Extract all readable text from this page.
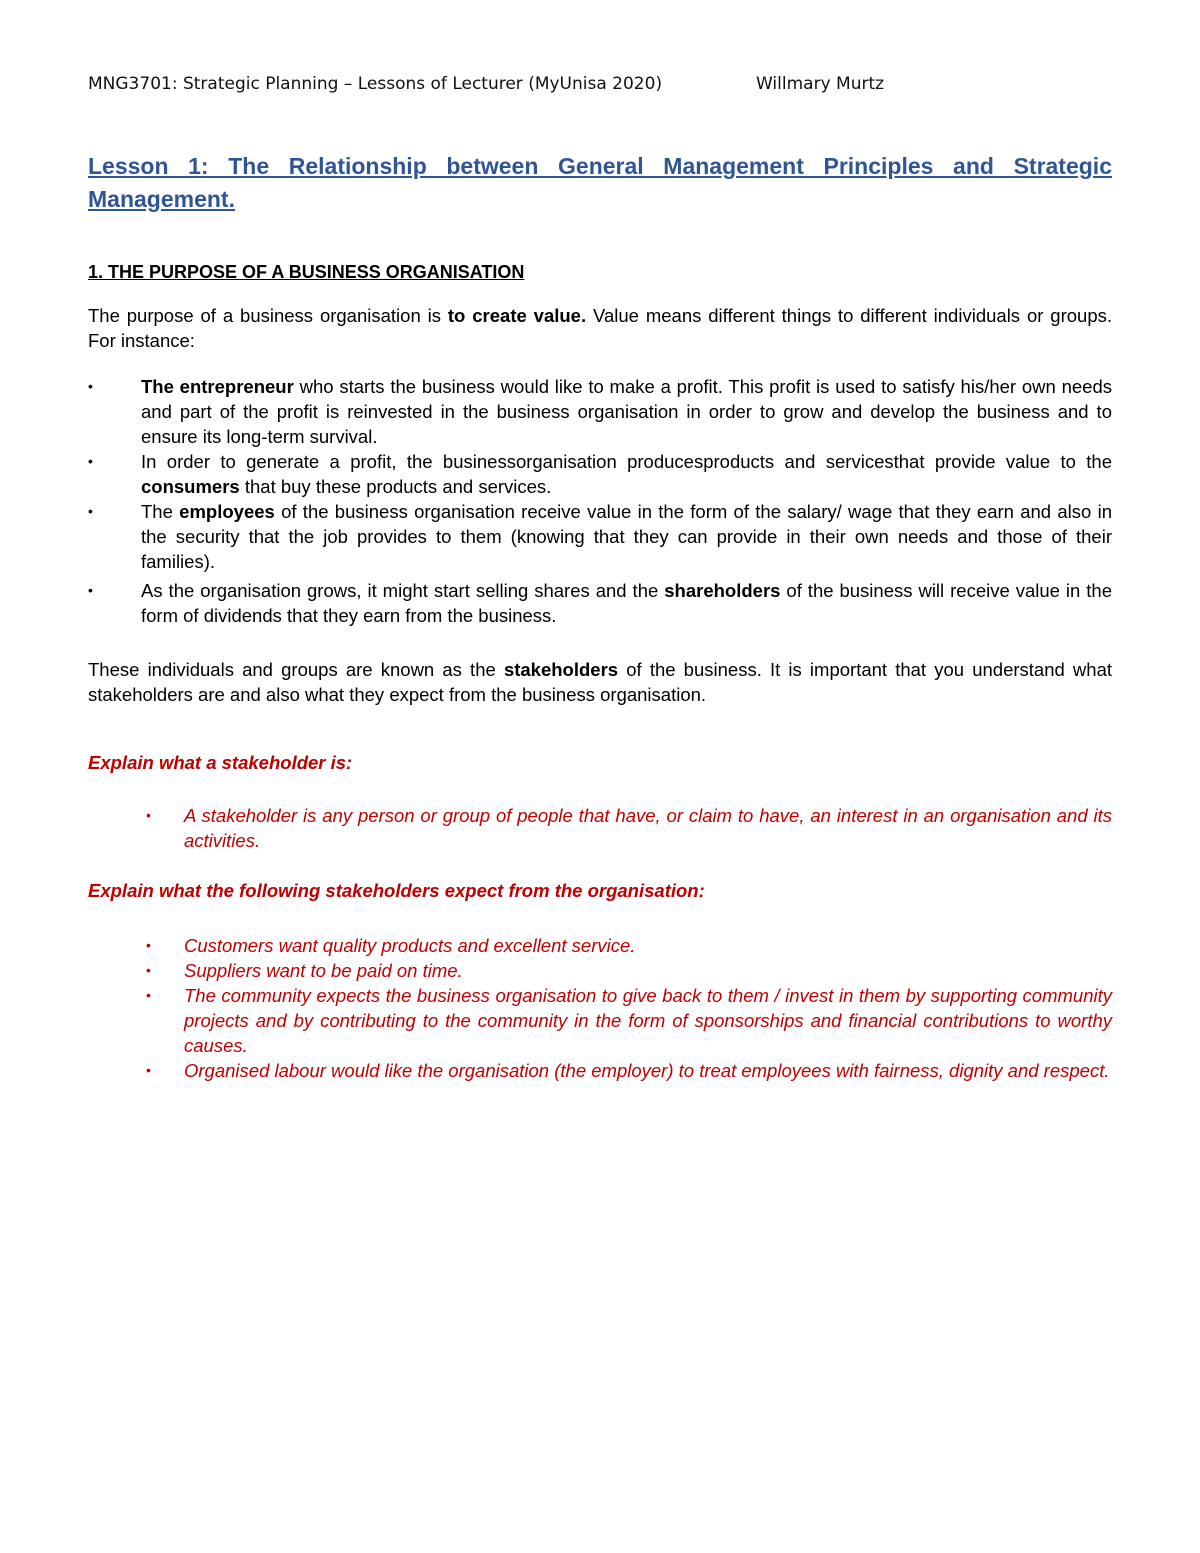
MNG3701: Strategic Planning – Lessons of Lecturer (MyUnisa 2020)	Willmary Murtz
Lesson 1: The Relationship between General Management Principles and Strategic Management.
1. THE PURPOSE OF A BUSINESS ORGANISATION
The purpose of a business organisation is to create value. Value means different things to different individuals or groups. For instance:
•	The entrepreneur who starts the business would like to make a profit. This profit is used to satisfy his/her own needs and part of the profit is reinvested in the business organisation in order to grow and develop the business and to ensure its long-term survival.
•	In order to generate a profit, the businessorganisation producesproducts and servicesthat provide value to the consumers that buy these products and services.
•	The employees of the business organisation receive value in the form of the salary/ wage that they earn and also in the security that the job provides to them (knowing that they can provide in their own needs and those of their families).
•	As the organisation grows, it might start selling shares and the shareholders of the business will receive value in the form of dividends that they earn from the business.
These individuals and groups are known as the stakeholders of the business. It is important that you understand what stakeholders are and also what they expect from the business organisation.
Explain what a stakeholder is:
• A stakeholder is any person or group of people that have, or claim to have, an interest in an organisation and its activities.
Explain what the following stakeholders expect from the organisation:
• Customers want quality products and excellent service.
• Suppliers want to be paid on time.
• The community expects the business organisation to give back to them / invest in them by supporting community projects and by contributing to the community in the form of sponsorships and financial contributions to worthy causes.
• Organised labour would like the organisation (the employer) to treat employees with fairness, dignity and respect.
